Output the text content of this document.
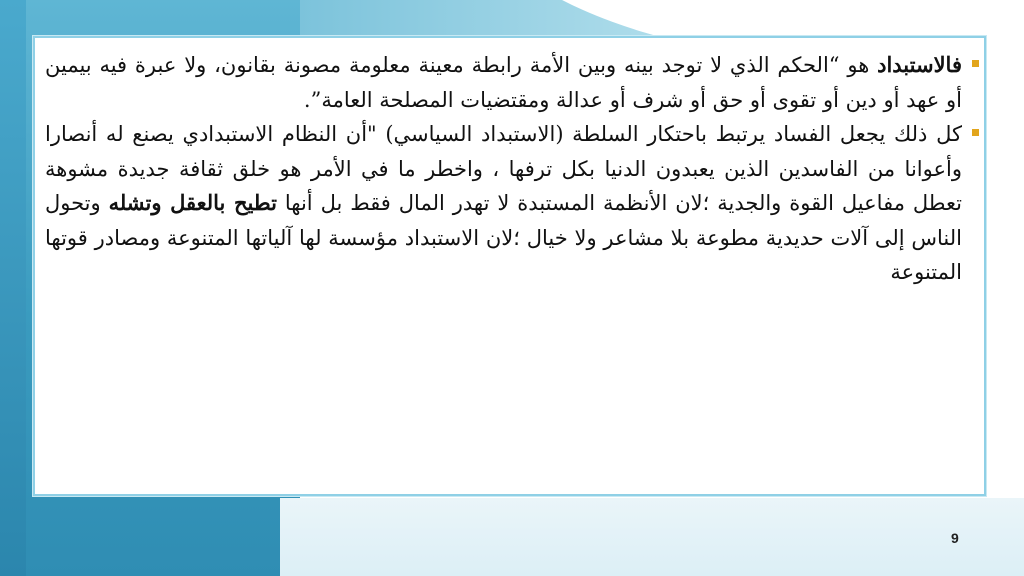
فالاستبداد هو “الحكم الذي لا توجد بينه وبين الأمة رابطة معينة معلومة مصونة بقانون، ولا عبرة فيه بيمين أو عهد أو دين أو تقوى أو حق أو شرف أو عدالة ومقتضيات المصلحة العامة”.
كل ذلك يجعل الفساد يرتبط باحتكار السلطة (الاستبداد السياسي) "أن النظام الاستبدادي يصنع له أنصارا وأعوانا من الفاسدين الذين يعبدون الدنيا بكل ترفها ، واخطر ما في الأمر هو خلق ثقافة جديدة مشوهة تعطل مفاعيل القوة والجدية ؛لان الأنظمة المستبدة لا تهدر المال فقط بل أنها تطيح بالعقل وتشله وتحول الناس إلى آلات حديدية مطوعة بلا مشاعر ولا خيال ؛لان الاستبداد مؤسسة لها آلياتها المتنوعة ومصادر قوتها المتنوعة
9
